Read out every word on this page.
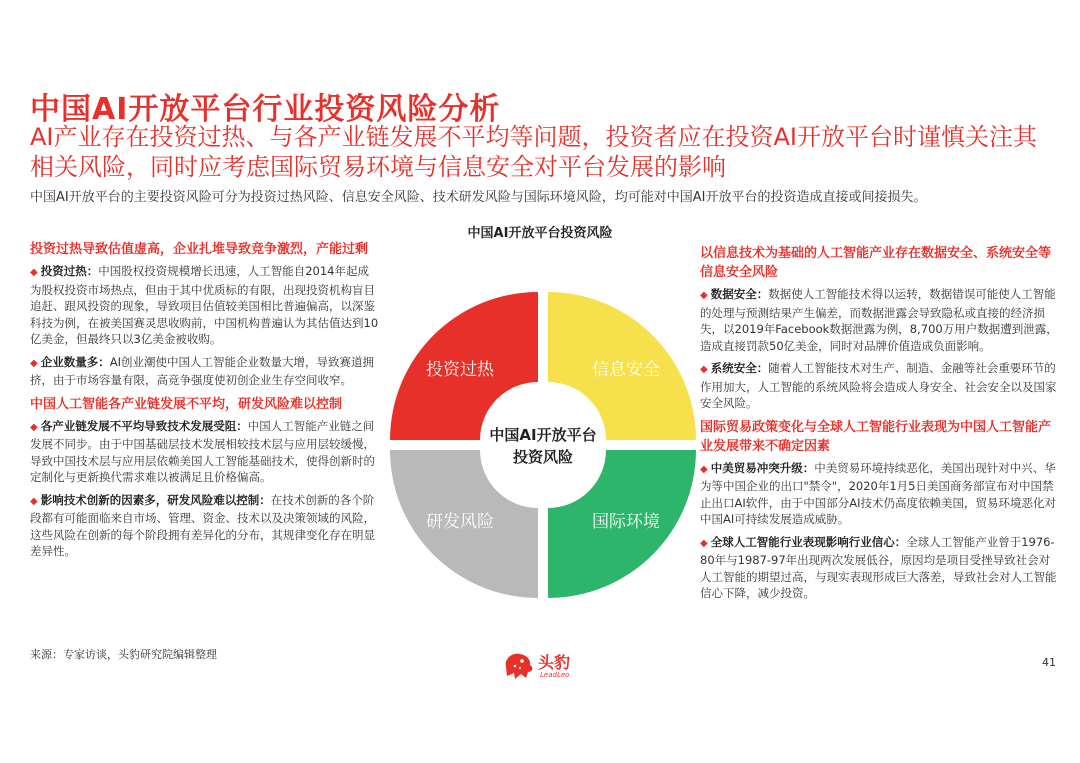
中国AI开放平台行业投资风险分析
AI产业存在投资过热、与各产业链发展不平均等问题，投资者应在投资AI开放平台时谨慎关注其相关风险，同时应考虑国际贸易环境与信息安全对平台发展的影响
中国AI开放平台的主要投资风险可分为投资过热风险、信息安全风险、技术研发风险与国际环境风险，均可能对中国AI开放平台的投资造成直接或间接损失。
中国AI开放平台投资风险
投资过热导致估值虚高，企业扎堆导致竞争激烈，产能过剩
◆ 投资过热：中国股权投资规模增长迅速，人工智能自2014年起成为股权投资市场热点，但由于其中优质标的有限，出现投资机构盲目追赶、跟风投资的现象，导致项目估值较美国相比普遍偏高，以深鉴科技为例，在被美国赛灵思收购前，中国机构普遍认为其估值达到10亿美金，但最终只以3亿美金被收购。
◆ 企业数量多：AI创业潮使中国人工智能企业数量大增，导致赛道拥挤，由于市场容量有限，高竞争强度使初创企业生存空间收窄。
中国人工智能各产业链发展不平均，研发风险难以控制
◆ 各产业链发展不平均导致技术发展受阻：中国人工智能产业链之间发展不同步。由于中国基础层技术发展相较技术层与应用层较缓慢，导致中国技术层与应用层依赖美国人工智能基础技术，使得创新时的定制化与更新换代需求难以被满足且价格偏高。
◆ 影响技术创新的因素多，研发风险难以控制：在技术创新的各个阶段都有可能面临来自市场、管理、资金、技术以及决策领域的风险，这些风险在创新的每个阶段拥有差异化的分布，其规律变化存在明显差异性。
以信息技术为基础的人工智能产业存在数据安全、系统安全等信息安全风险
◆ 数据安全：数据使人工智能技术得以运转，数据错误可能使人工智能的处理与预测结果产生偏差，而数据泄露会导致隐私或直接的经济损失，以2019年Facebook数据泄露为例，8,700万用户数据遭到泄露，造成直接罚款50亿美金，同时对品牌价值造成负面影响。
◆ 系统安全：随着人工智能技术对生产、制造、金融等社会重要环节的作用加大，人工智能的系统风险将会造成人身安全、社会安全以及国家安全风险。
国际贸易政策变化与全球人工智能行业表现为中国人工智能产业发展带来不确定因素
◆ 中美贸易冲突升级：中美贸易环境持续恶化，美国出现针对中兴、华为等中国企业的出口"禁令"，2020年1月5日美国商务部宣布对中国禁止出口AI软件，由于中国部分AI技术仍高度依赖美国，贸易环境恶化对中国AI可持续发展造成威胁。
◆ 全球人工智能行业表现影响行业信心：全球人工智能产业曾于1976-80年与1987-97年出现两次发展低谷，原因均是项目受挫导致社会对人工智能的期望过高，与现实表现形成巨大落差，导致社会对人工智能信心下降，减少投资。
投资过热	信息安全
研发风险	国际环境
中国AI开放平台
投资风险
来源：专家访谈，头豹研究院编辑整理	头豹
LeadLeo
41
